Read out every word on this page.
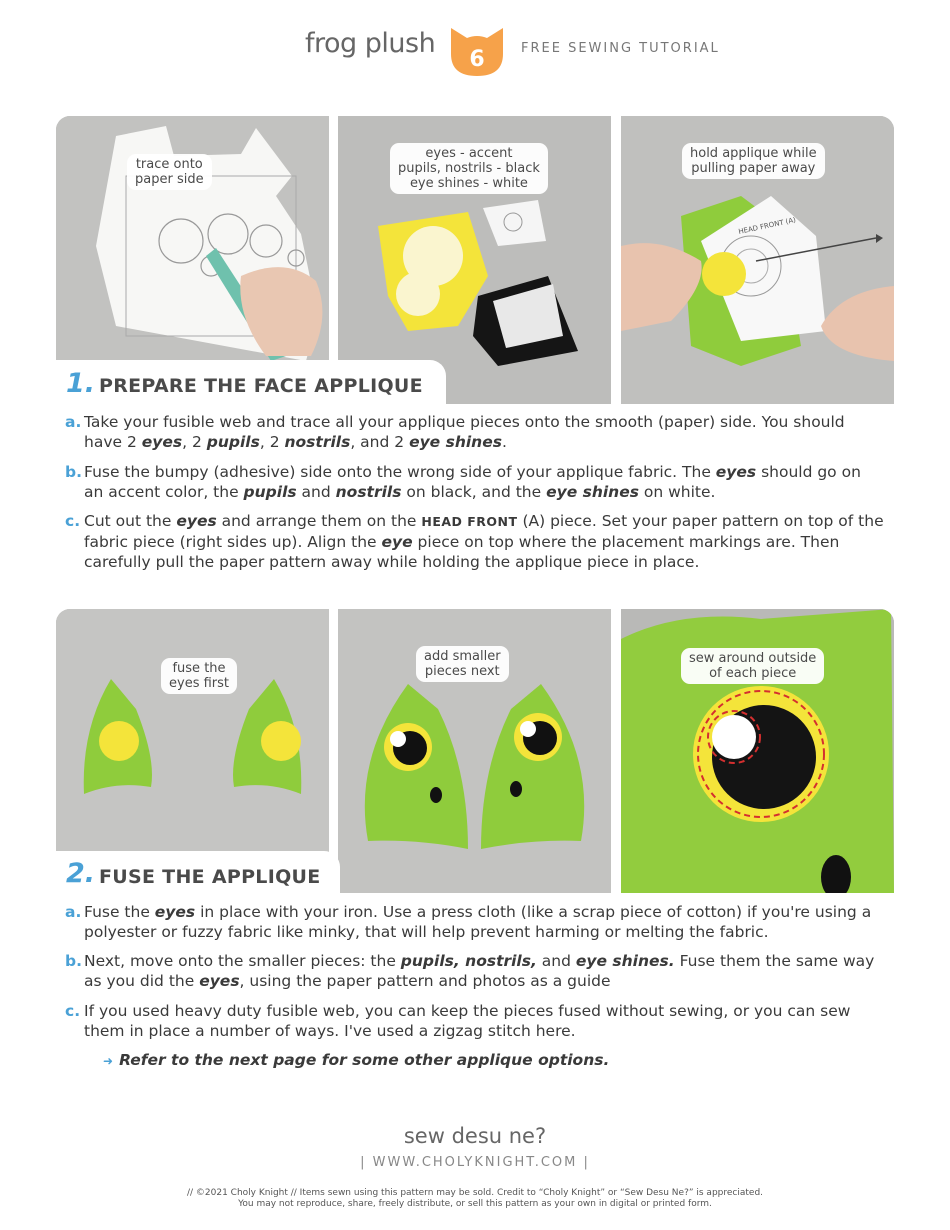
frog plush
6	FREE SEWING TUTORIAL
trace onto
paper side
eyes - accent
pupils, nostrils - black
eye shines - white
HEAD FRONT (A)
hold applique while
pulling paper away
1. PREPARE THE FACE APPLIQUE
a. Take your fusible web and trace all your applique pieces onto the smooth (paper) side. You should have 2 eyes, 2 pupils, 2 nostrils, and 2 eye shines.
b. Fuse the bumpy (adhesive) side onto the wrong side of your applique fabric. The eyes should go on an accent color, the pupils and nostrils on black, and the eye shines on white.
c. Cut out the eyes and arrange them on the HEAD FRONT (A) piece. Set your paper pattern on top of the fabric piece (right sides up). Align the eye piece on top where the placement markings are. Then carefully pull the paper pattern away while holding the applique piece in place.
fuse the
eyes first
add smaller
pieces next
sew around outside
of each piece
2. FUSE THE APPLIQUE
a. Fuse the eyes in place with your iron. Use a press cloth (like a scrap piece of cotton) if you're using a polyester or fuzzy fabric like minky, that will help prevent harming or melting the fabric.
b. Next, move onto the smaller pieces: the pupils, nostrils, and eye shines. Fuse them the same way as you did the eyes, using the paper pattern and photos as a guide
c. If you used heavy duty fusible web, you can keep the pieces fused without sewing, or you can sew them in place a number of ways. I've used a zigzag stitch here.
➜ Refer to the next page for some other applique options.
sew desu ne?
| WWW.CHOLYKNIGHT.COM |
// ©2021 Choly Knight // Items sewn using this pattern may be sold. Credit to “Choly Knight” or “Sew Desu Ne?” is appreciated.
You may not reproduce, share, freely distribute, or sell this pattern as your own in digital or printed form.
